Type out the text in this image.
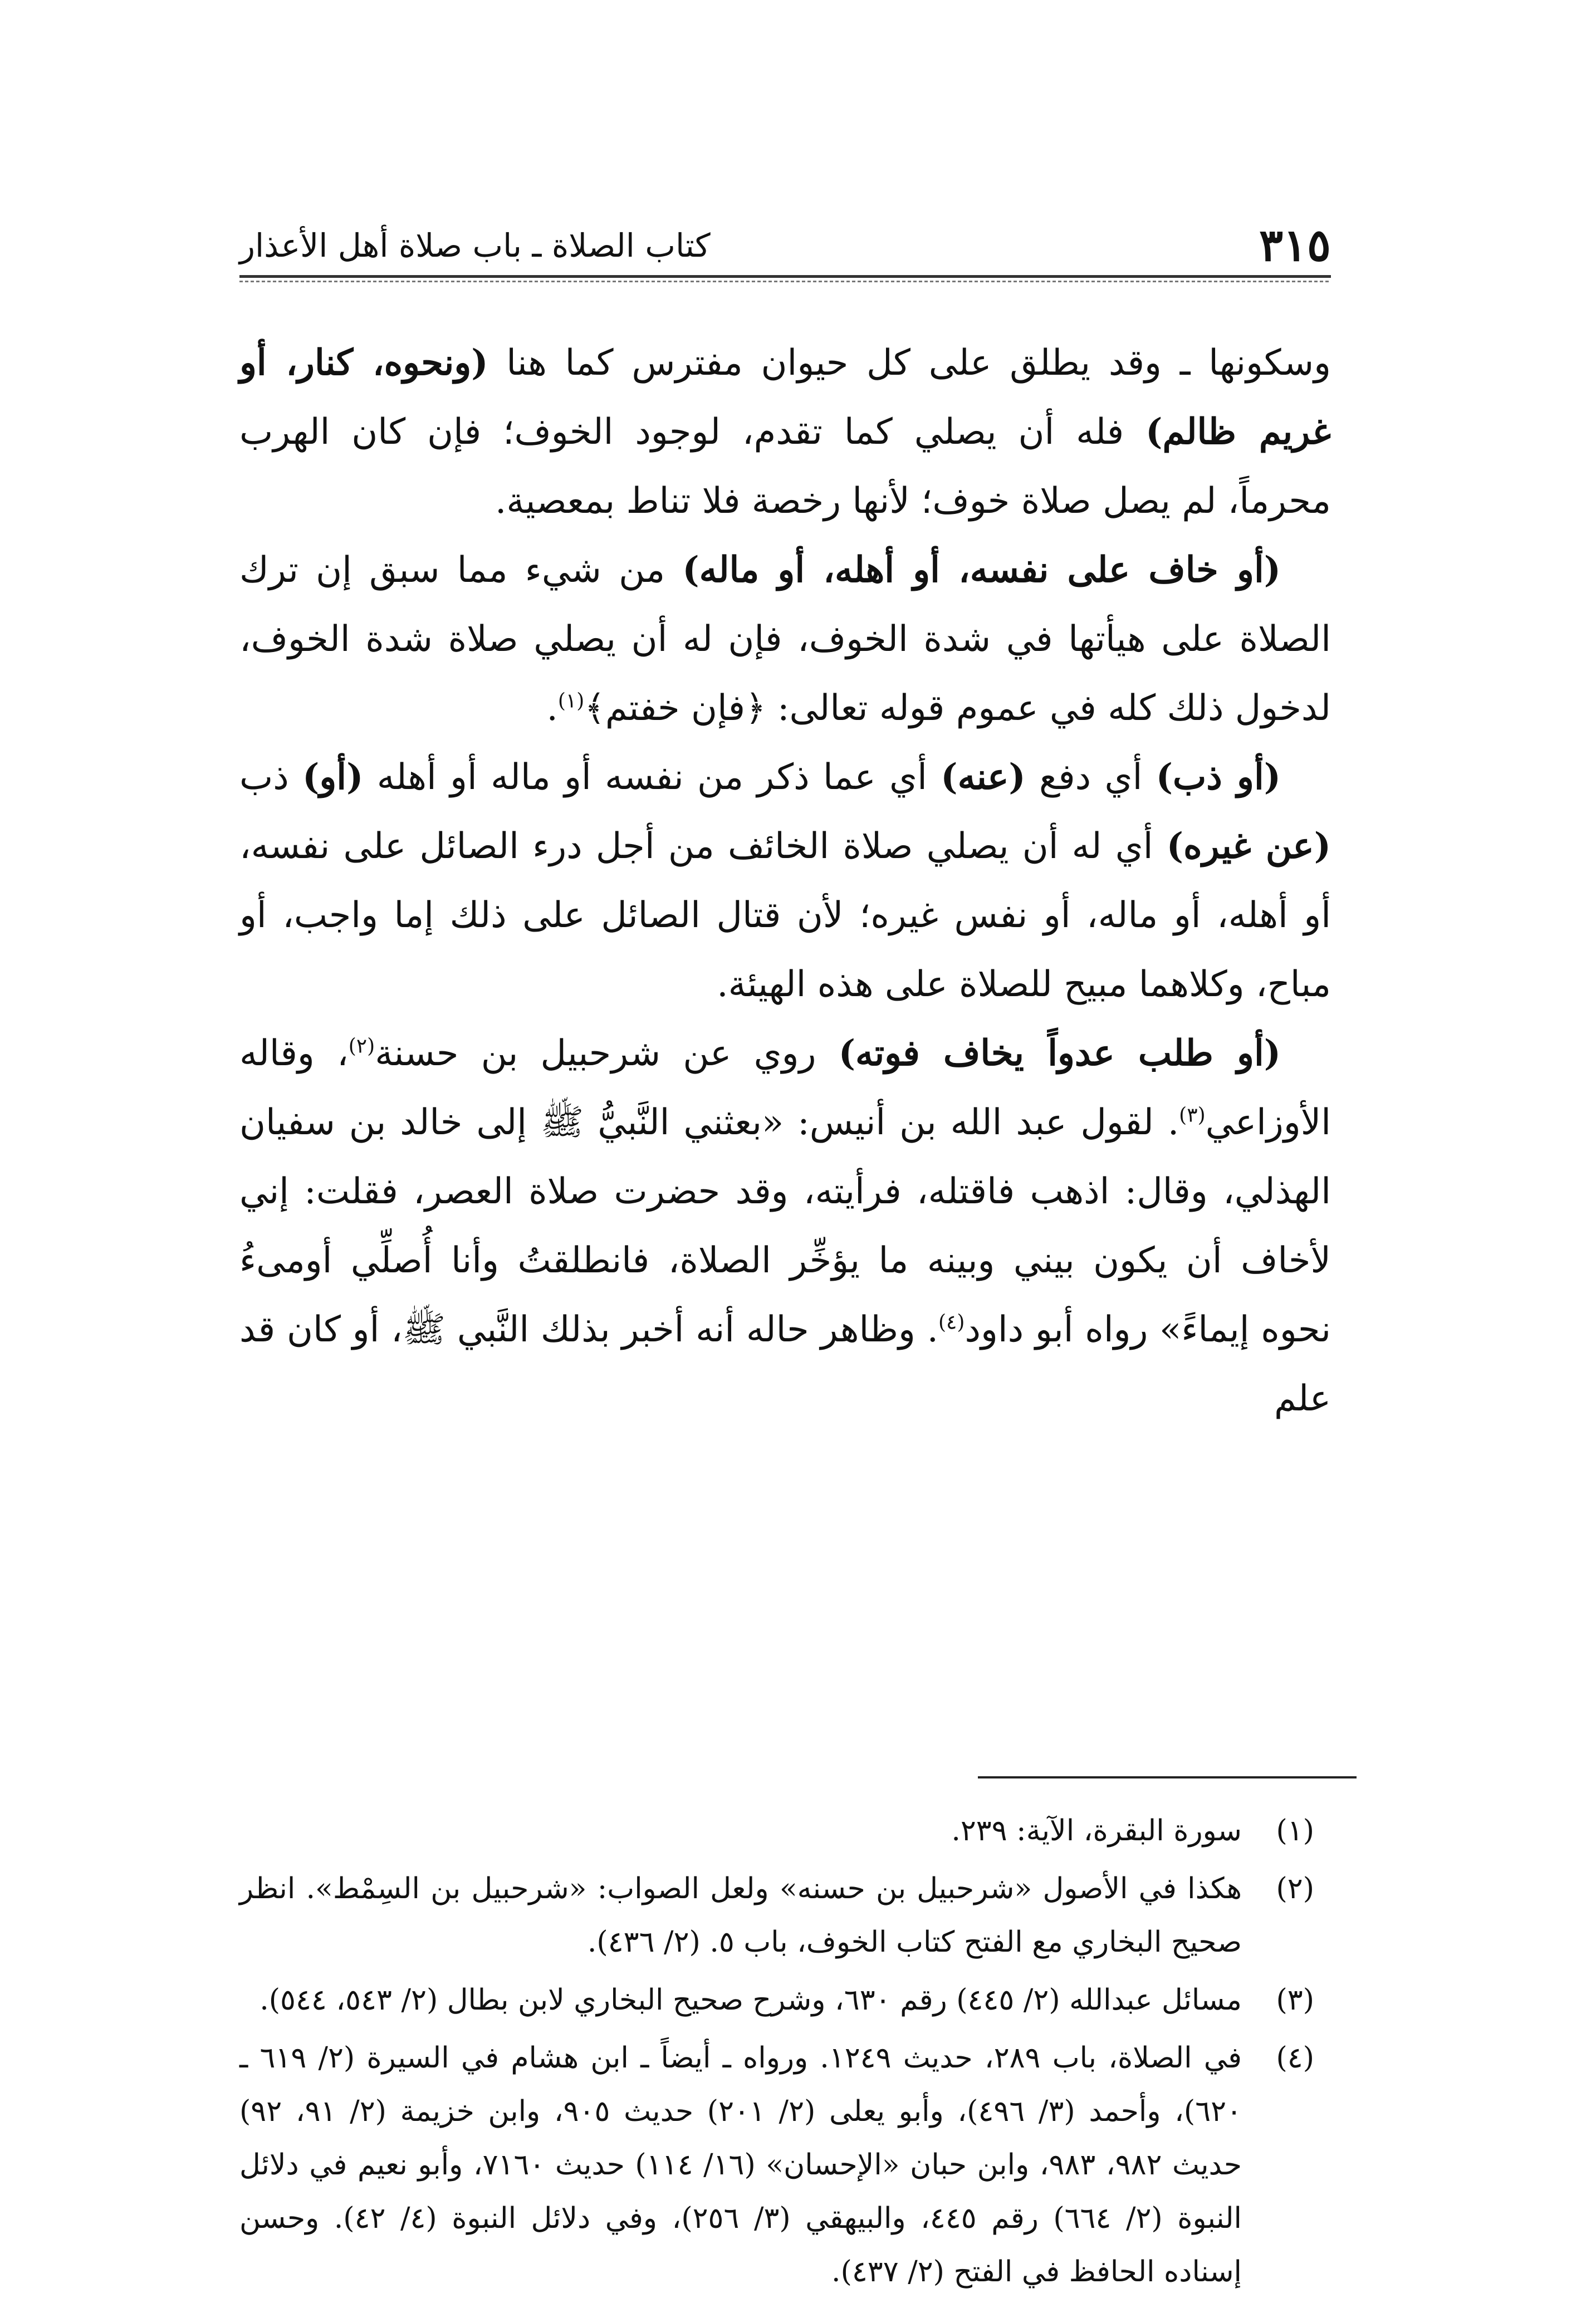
٣١٥
كتاب الصلاة ـ باب صلاة أهل الأعذار

وسكونها ـ وقد يطلق على كل حيوان مفترس كما هنا (ونحوه، كنار، أو غريم ظالم) فله أن يصلي كما تقدم، لوجود الخوف؛ فإن كان الهرب محرماً، لم يصل صلاة خوف؛ لأنها رخصة فلا تناط بمعصية.

(أو خاف على نفسه، أو أهله، أو ماله) من شيء مما سبق إن ترك الصلاة على هيأتها في شدة الخوف، فإن له أن يصلي صلاة شدة الخوف، لدخول ذلك كله في عموم قوله تعالى: ﴿فإن خفتم﴾$^{(١)}$.

(أو ذب) أي دفع (عنه) أي عما ذكر من نفسه أو ماله أو أهله (أو) ذب (عن غيره) أي له أن يصلي صلاة الخائف من أجل درء الصائل على نفسه، أو أهله، أو ماله، أو نفس غيره؛ لأن قتال الصائل على ذلك إما واجب، أو مباح، وكلاهما مبيح للصلاة على هذه الهيئة.

(أو طلب عدواً يخاف فوته) روي عن شرحبيل بن حسنة$^{(٢)}$، وقاله الأوزاعي$^{(٣)}$. لقول عبد الله بن أنيس: «بعثني النَّبيُّ ﷺ إلى خالد بن سفيان الهذلي، وقال: اذهب فاقتله، فرأيته، وقد حضرت صلاة العصر، فقلت: إني لأخاف أن يكون بيني وبينه ما يؤخِّر الصلاة، فانطلقتُ وأنا أُصلِّي أومىءُ نحوه إيماءً» رواه أبو داود$^{(٤)}$. وظاهر حاله أنه أخبر بذلك النَّبي ﷺ، أو كان قد علم

(١)
سورة البقرة، الآية: ٢٣٩.

(٢)
هكذا في الأصول «شرحبيل بن حسنه» ولعل الصواب: «شرحبيل بن السِمْط». انظر صحيح البخاري مع الفتح كتاب الخوف، باب ٥. (٢/ ٤٣٦).

(٣)
مسائل عبدالله (٢/ ٤٤٥) رقم ٦٣٠، وشرح صحيح البخاري لابن بطال (٢/ ٥٤٣، ٥٤٤).

(٤)
في الصلاة، باب ٢٨٩، حديث ١٢٤٩. ورواه ـ أيضاً ـ ابن هشام في السيرة (٢/ ٦١٩ ـ ٦٢٠)، وأحمد (٣/ ٤٩٦)، وأبو يعلى (٢/ ٢٠١) حديث ٩٠٥، وابن خزيمة (٢/ ٩١، ٩٢) حديث ٩٨٢، ٩٨٣، وابن حبان «الإحسان» (١٦/ ١١٤) حديث ٧١٦٠، وأبو نعيم في دلائل النبوة (٢/ ٦٦٤) رقم ٤٤٥، والبيهقي (٣/ ٢٥٦)، وفي دلائل النبوة (٤/ ٤٢). وحسن إسناده الحافظ في الفتح (٢/ ٤٣٧).
